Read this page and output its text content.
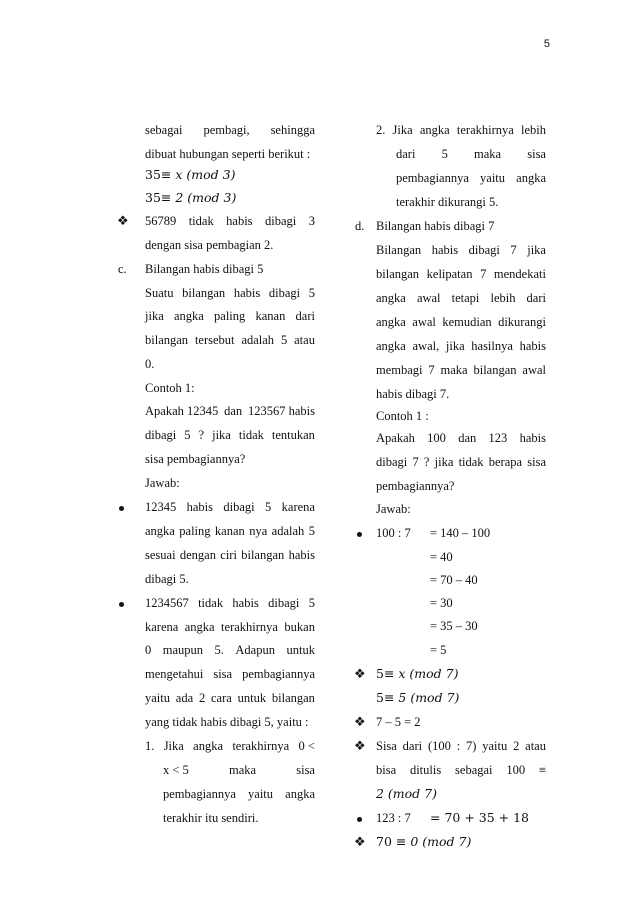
5
sebagai pembagi, sehingga
dibuat hubungan seperti berikut :
35≡ x (mod 3)
35≡ 2 (mod 3)
❖ 56789 tidak habis dibagi 3
dengan sisa pembagian 2.
c. Bilangan habis dibagi 5
Suatu bilangan habis dibagi 5
jika angka paling kanan dari
bilangan tersebut adalah 5 atau
0.
Contoh 1:
Apakah 12345 dan 123567 habis
dibagi 5 ? jika tidak tentukan
sisa pembagiannya?
Jawab:
12345 habis dibagi 5 karena
angka paling kanan nya adalah 5
sesuai dengan ciri bilangan habis
dibagi 5.
1234567 tidak habis dibagi 5
karena angka terakhirnya bukan
0 maupun 5. Adapun untuk
mengetahui sisa pembagiannya
yaitu ada 2 cara untuk bilangan
yang tidak habis dibagi 5, yaitu :
1. Jika angka terakhirnya 0 <
x < 5	maka	sisa
pembagiannya yaitu angka
terakhir itu sendiri.
2. Jika angka terakhirnya lebih
dari 5 maka sisa
pembagiannya yaitu angka
terakhir dikurangi 5.
d. Bilangan habis dibagi 7
Bilangan habis dibagi 7 jika
bilangan kelipatan 7 mendekati
angka awal tetapi lebih dari
angka awal kemudian dikurangi
angka awal, jika hasilnya habis
membagi 7 maka bilangan awal
habis dibagi 7.
Contoh 1 :
Apakah 100 dan 123 habis
dibagi 7 ? jika tidak berapa sisa
pembagiannya?
Jawab:
100 : 7 = 140 – 100
= 40
= 70 – 40
= 30
= 35 – 30
= 5
❖ 5≡ x (mod 7)
5≡ 5 (mod 7)
❖ 7 – 5 = 2
❖ Sisa dari (100 : 7) yaitu 2 atau
bisa ditulis sebagai 100 ≡
2 (mod 7)
123 : 7 = 70 + 35 + 18
❖ 70 ≡ 0 (mod 7)
